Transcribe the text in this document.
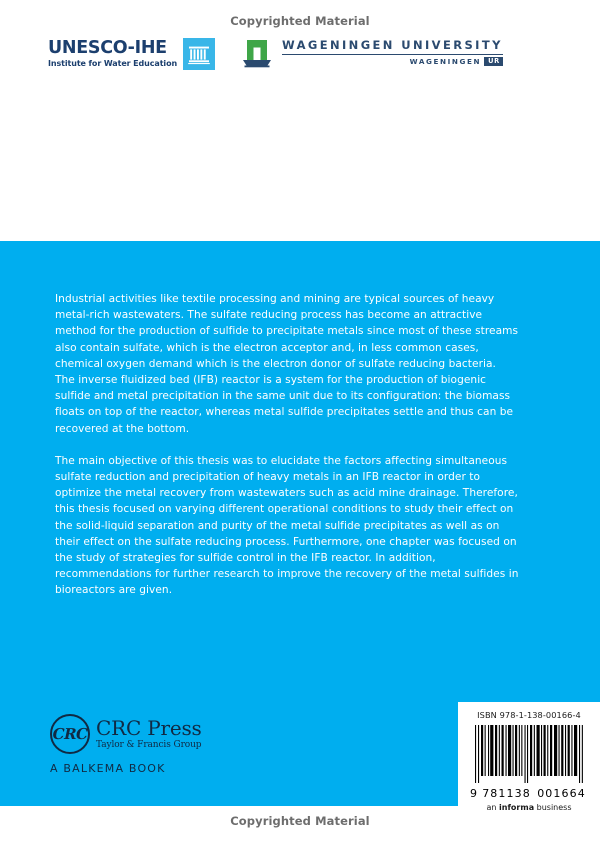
Copyrighted Material
UNESCO-IHE
Institute for Water Education
WAGENINGEN UNIVERSITY
WAGENINGEN	UR

Industrial activities like textile processing and mining are typical sources of heavy metal-rich wastewaters. The sulfate reducing process has become an attractive method for the production of sulfide to precipitate metals since most of these streams also contain sulfate, which is the electron acceptor and, in less common cases, chemical oxygen demand which is the electron donor of sulfate reducing bacteria. The inverse fluidized bed (IFB) reactor is a system for the production of biogenic sulfide and metal precipitation in the same unit due to its configuration: the biomass floats on top of the reactor, whereas metal sulfide precipitates settle and thus can be recovered at the bottom.

The main objective of this thesis was to elucidate the factors affecting simultaneous sulfate reduction and precipitation of heavy metals in an IFB reactor in order to optimize the metal recovery from wastewaters such as acid mine drainage. Therefore, this thesis focused on varying different operational conditions to study their effect on the solid-liquid separation and purity of the metal sulfide precipitates as well as on their effect on the sulfate reducing process. Furthermore, one chapter was focused on the study of strategies for sulfide control in the IFB reactor. In addition, recommendations for further research to improve the recovery of the metal sulfides in bioreactors are given.

CRC CRC Press
Taylor & Francis Group
A BALKEMA BOOK
ISBN 978-1-138-00166-4
9 781138 001664
an informa business
Copyrighted Material
